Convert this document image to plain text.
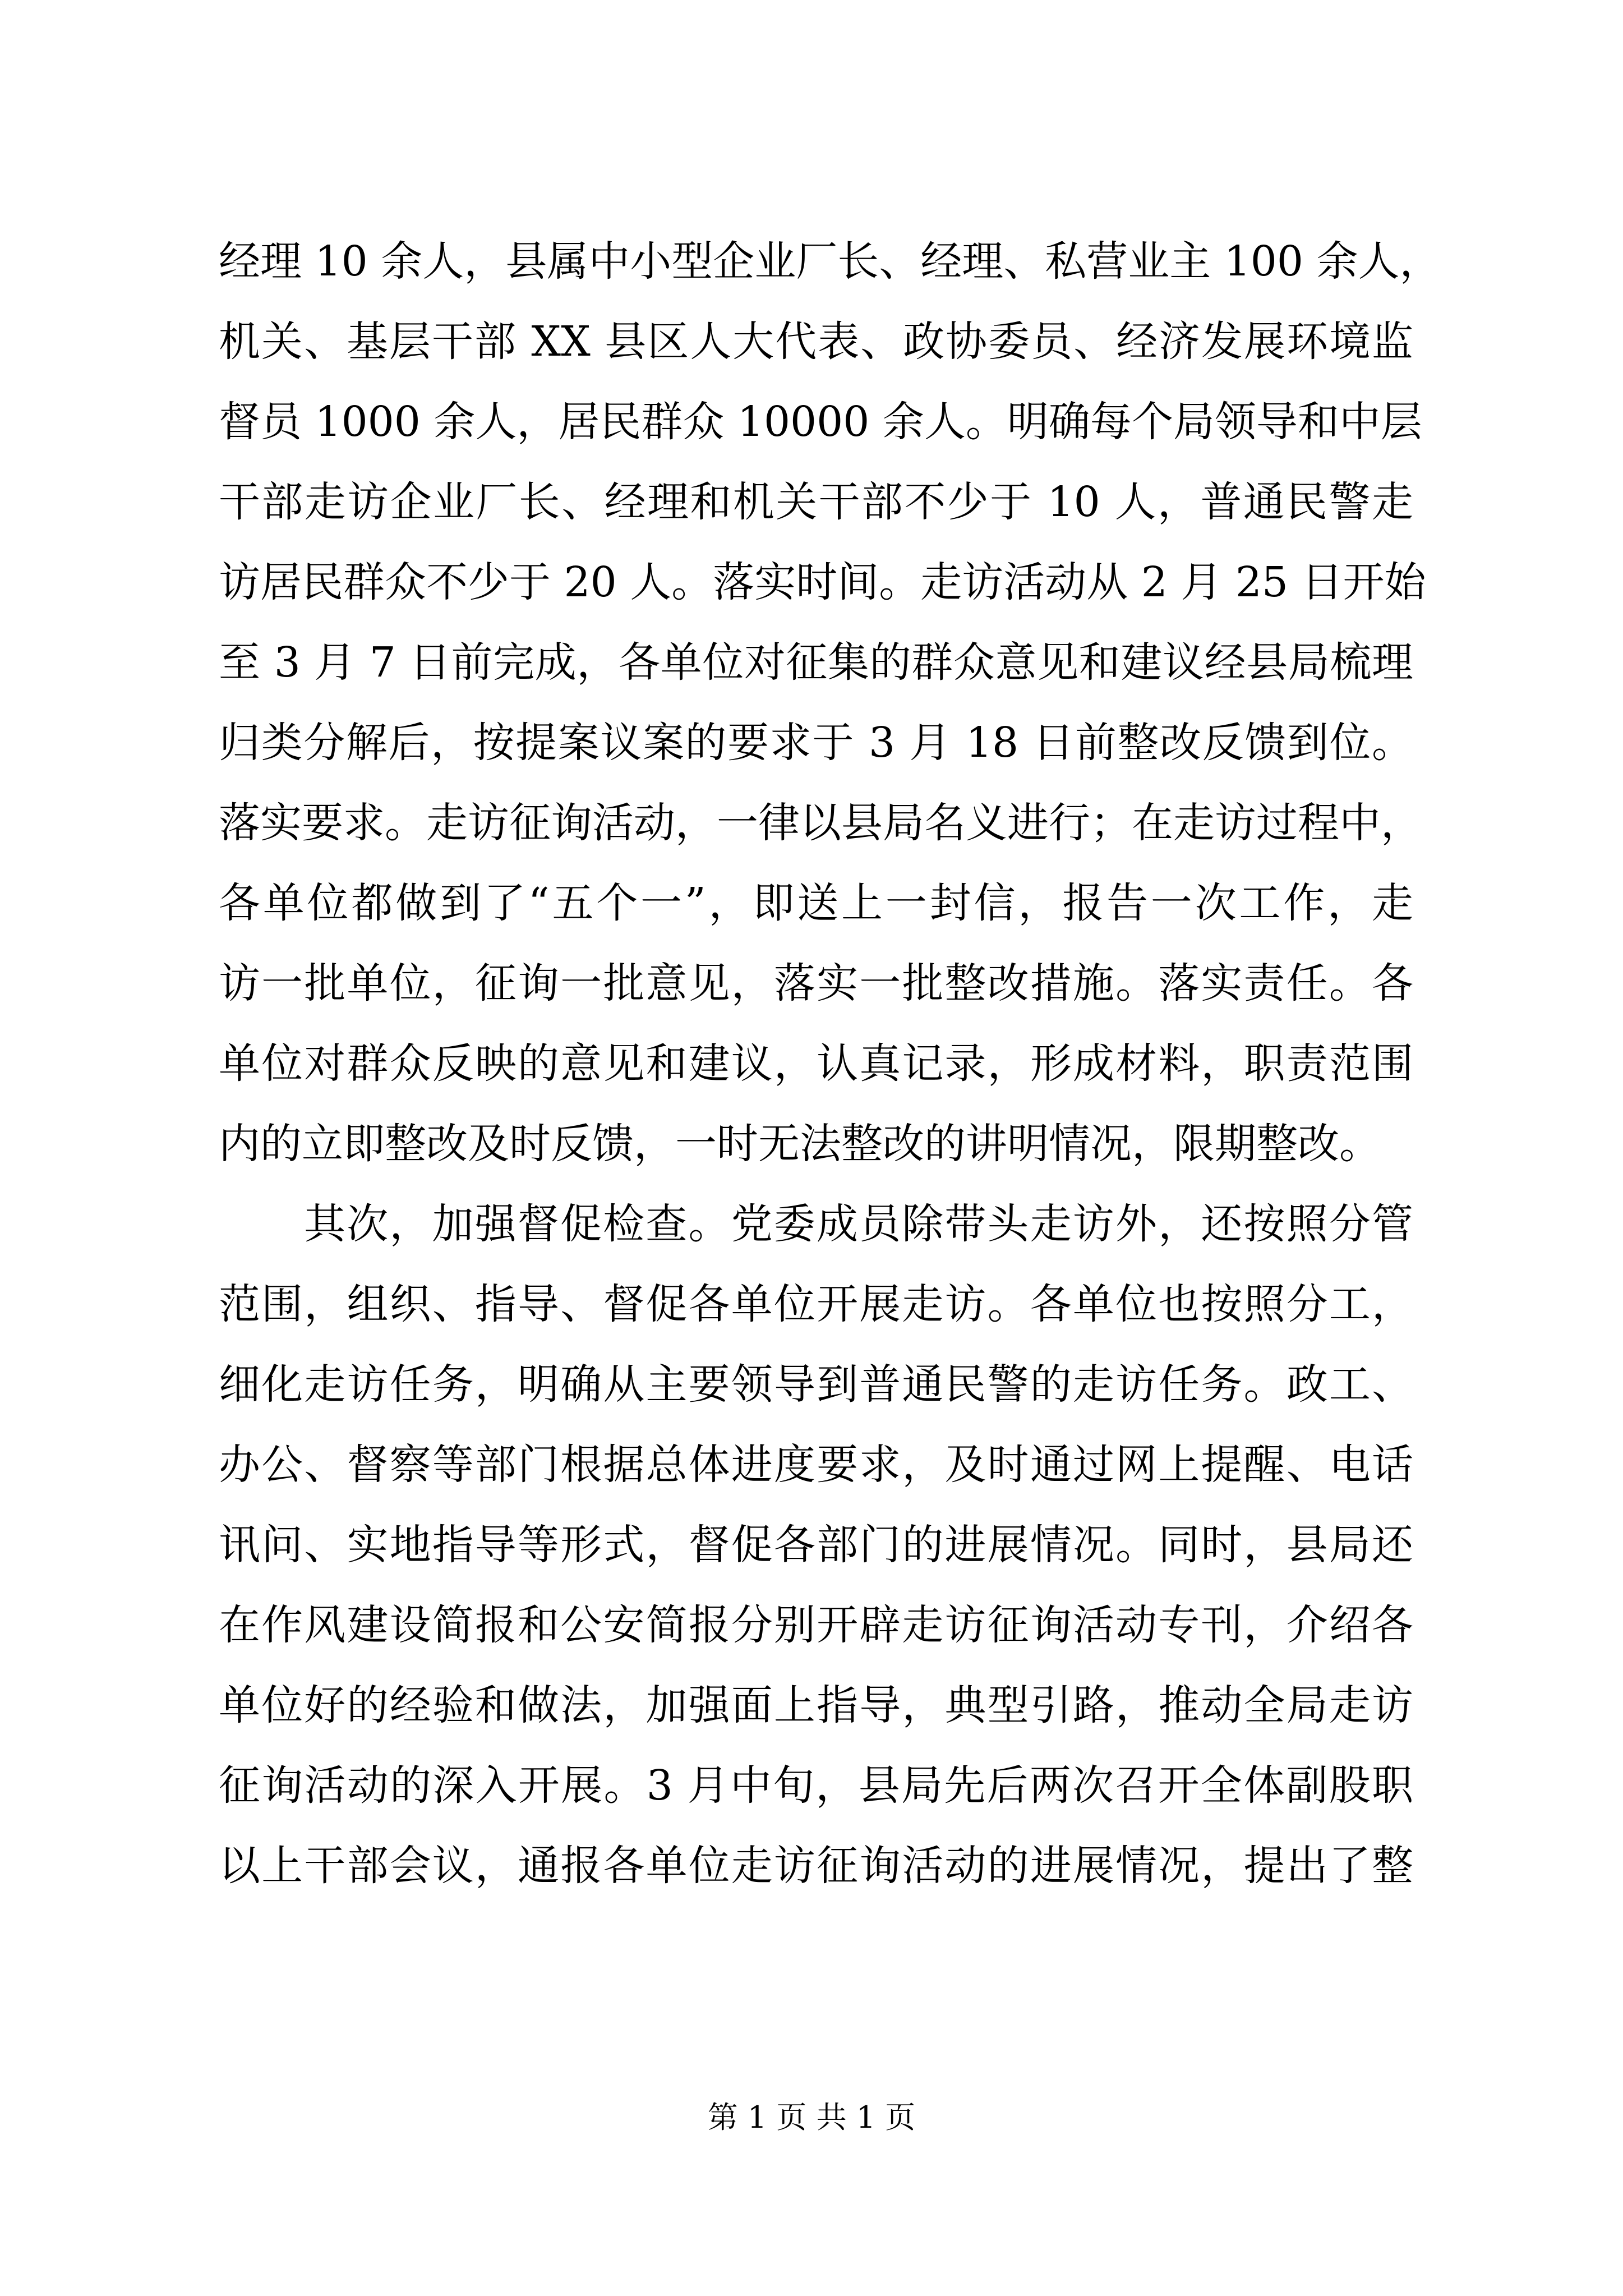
经理 10 余人，县属中小型企业厂长、经理、私营业主 100 余人，
机关、基层干部 XX 县区人大代表、政协委员、经济发展环境监
督员 1000 余人，居民群众 10000 余人。明确每个局领导和中层
干部走访企业厂长、经理和机关干部不少于 10 人，普通民警走
访居民群众不少于 20 人。落实时间。走访活动从 2 月 25 日开始
至 3 月 7 日前完成，各单位对征集的群众意见和建议经县局梳理
归类分解后，按提案议案的要求于 3 月 18 日前整改反馈到位。
落实要求。走访征询活动，一律以县局名义进行；在走访过程中，
各单位都做到了“五个一”，即送上一封信，报告一次工作，走
访一批单位，征询一批意见，落实一批整改措施。落实责任。各
单位对群众反映的意见和建议，认真记录，形成材料，职责范围
内的立即整改及时反馈，一时无法整改的讲明情况，限期整改。
其次，加强督促检查。党委成员除带头走访外，还按照分管
范围，组织、指导、督促各单位开展走访。各单位也按照分工，
细化走访任务，明确从主要领导到普通民警的走访任务。政工、
办公、督察等部门根据总体进度要求，及时通过网上提醒、电话
讯问、实地指导等形式，督促各部门的进展情况。同时，县局还
在作风建设简报和公安简报分别开辟走访征询活动专刊，介绍各
单位好的经验和做法，加强面上指导，典型引路，推动全局走访
征询活动的深入开展。3 月中旬，县局先后两次召开全体副股职
以上干部会议，通报各单位走访征询活动的进展情况，提出了整
第 1 页 共 1 页
